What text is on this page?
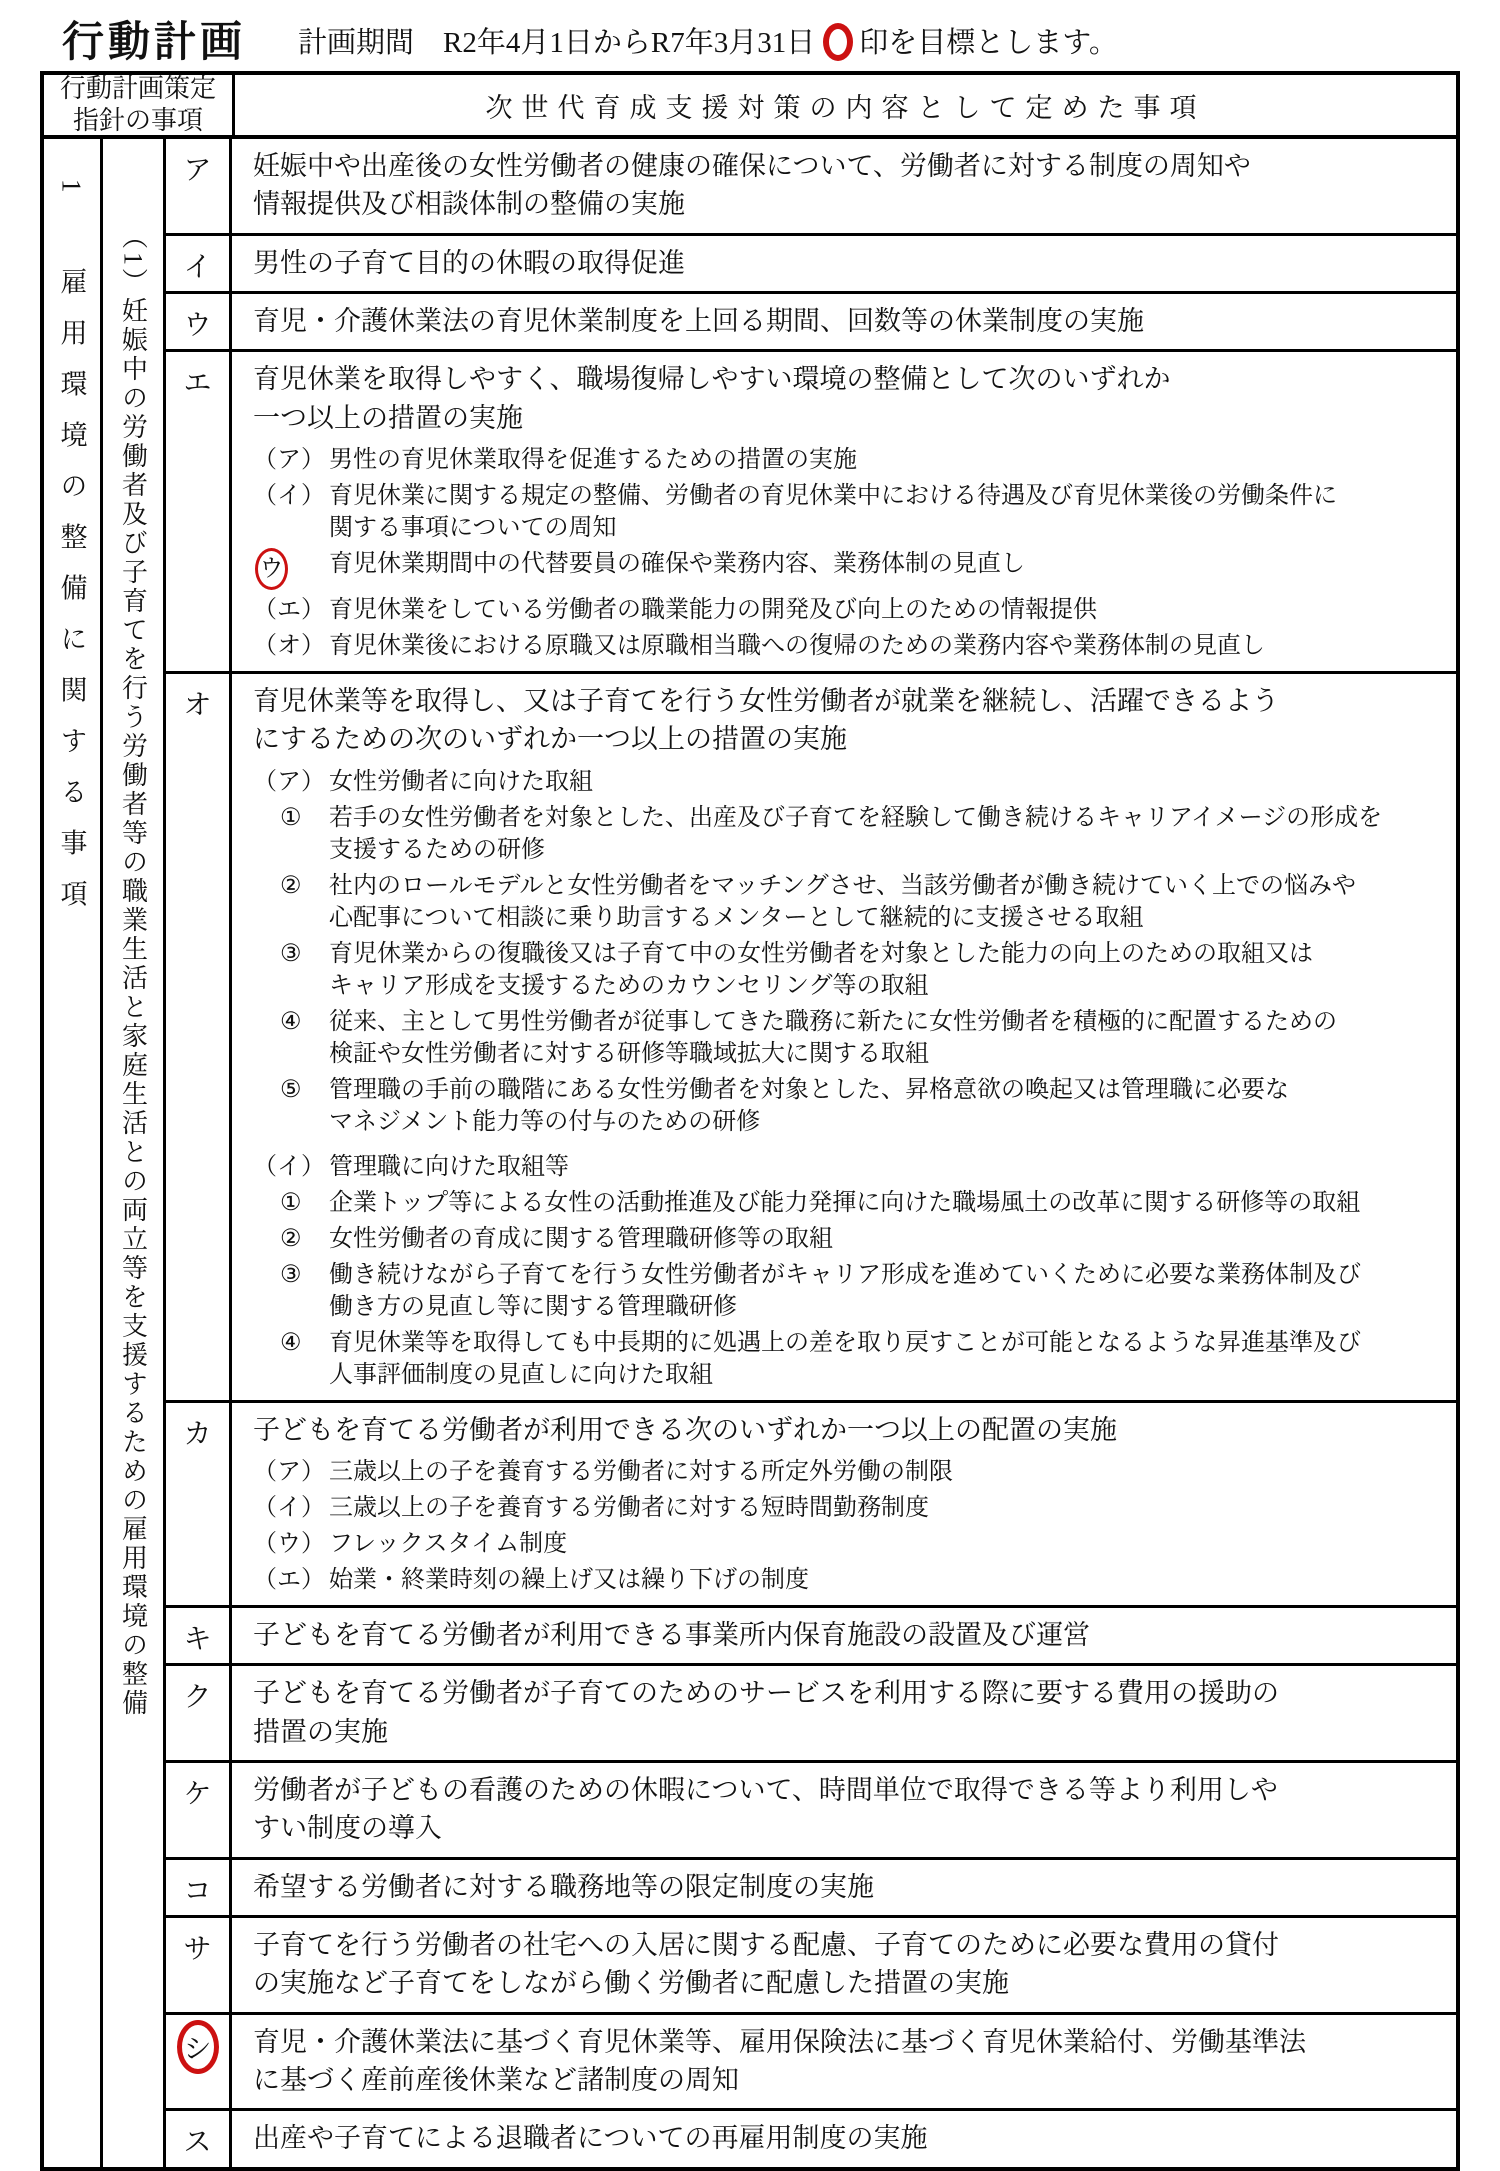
行動計画 計画期間　R2年4月1日からR7年3月31日 印を目標とします。
行動計画策定
指針の事項	次世代育成支援対策の内容として定めた事項
1　雇用環境の整備に関する事項 （1）妊娠中の労働者及び子育てを行う労働者等の職業生活と家庭生活との両立等を支援するための雇用環境の整備
ア	妊娠中や出産後の女性労働者の健康の確保について、労働者に対する制度の周知や
情報提供及び相談体制の整備の実施
イ	男性の子育て目的の休暇の取得促進
ウ	育児・介護休業法の育児休業制度を上回る期間、回数等の休業制度の実施
エ	育児休業を取得しやすく、職場復帰しやすい環境の整備として次のいずれか
一つ以上の措置の実施
（ア） 男性の育児休業取得を促進するための措置の実施
（イ） 育児休業に関する規定の整備、労働者の育児休業中における待遇及び育児休業後の労働条件に
関する事項についての周知
ウ	育児休業期間中の代替要員の確保や業務内容、業務体制の見直し
（エ） 育児休業をしている労働者の職業能力の開発及び向上のための情報提供
（オ） 育児休業後における原職又は原職相当職への復帰のための業務内容や業務体制の見直し
オ	育児休業等を取得し、又は子育てを行う女性労働者が就業を継続し、活躍できるよう
にするための次のいずれか一つ以上の措置の実施
（ア） 女性労働者に向けた取組
①	若手の女性労働者を対象とした、出産及び子育てを経験して働き続けるキャリアイメージの形成を
支援するための研修
②	社内のロールモデルと女性労働者をマッチングさせ、当該労働者が働き続けていく上での悩みや
心配事について相談に乗り助言するメンターとして継続的に支援させる取組
③	育児休業からの復職後又は子育て中の女性労働者を対象とした能力の向上のための取組又は
キャリア形成を支援するためのカウンセリング等の取組
④	従来、主として男性労働者が従事してきた職務に新たに女性労働者を積極的に配置するための
検証や女性労働者に対する研修等職域拡大に関する取組
⑤	管理職の手前の職階にある女性労働者を対象とした、昇格意欲の喚起又は管理職に必要な
マネジメント能力等の付与のための研修
（イ） 管理職に向けた取組等
①	企業トップ等による女性の活動推進及び能力発揮に向けた職場風土の改革に関する研修等の取組
②	女性労働者の育成に関する管理職研修等の取組
③	働き続けながら子育てを行う女性労働者がキャリア形成を進めていくために必要な業務体制及び
働き方の見直し等に関する管理職研修
④	育児休業等を取得しても中長期的に処遇上の差を取り戻すことが可能となるような昇進基準及び
人事評価制度の見直しに向けた取組
カ	子どもを育てる労働者が利用できる次のいずれか一つ以上の配置の実施
（ア） 三歳以上の子を養育する労働者に対する所定外労働の制限
（イ） 三歳以上の子を養育する労働者に対する短時間勤務制度
（ウ） フレックスタイム制度
（エ） 始業・終業時刻の繰上げ又は繰り下げの制度
キ	子どもを育てる労働者が利用できる事業所内保育施設の設置及び運営
ク	子どもを育てる労働者が子育てのためのサービスを利用する際に要する費用の援助の
措置の実施
ケ	労働者が子どもの看護のための休暇について、時間単位で取得できる等より利用しや
すい制度の導入
コ	希望する労働者に対する職務地等の限定制度の実施
サ	子育てを行う労働者の社宅への入居に関する配慮、子育てのために必要な費用の貸付
の実施など子育てをしながら働く労働者に配慮した措置の実施
シ	育児・介護休業法に基づく育児休業等、雇用保険法に基づく育児休業給付、労働基準法
に基づく産前産後休業など諸制度の周知
ス	出産や子育てによる退職者についての再雇用制度の実施
